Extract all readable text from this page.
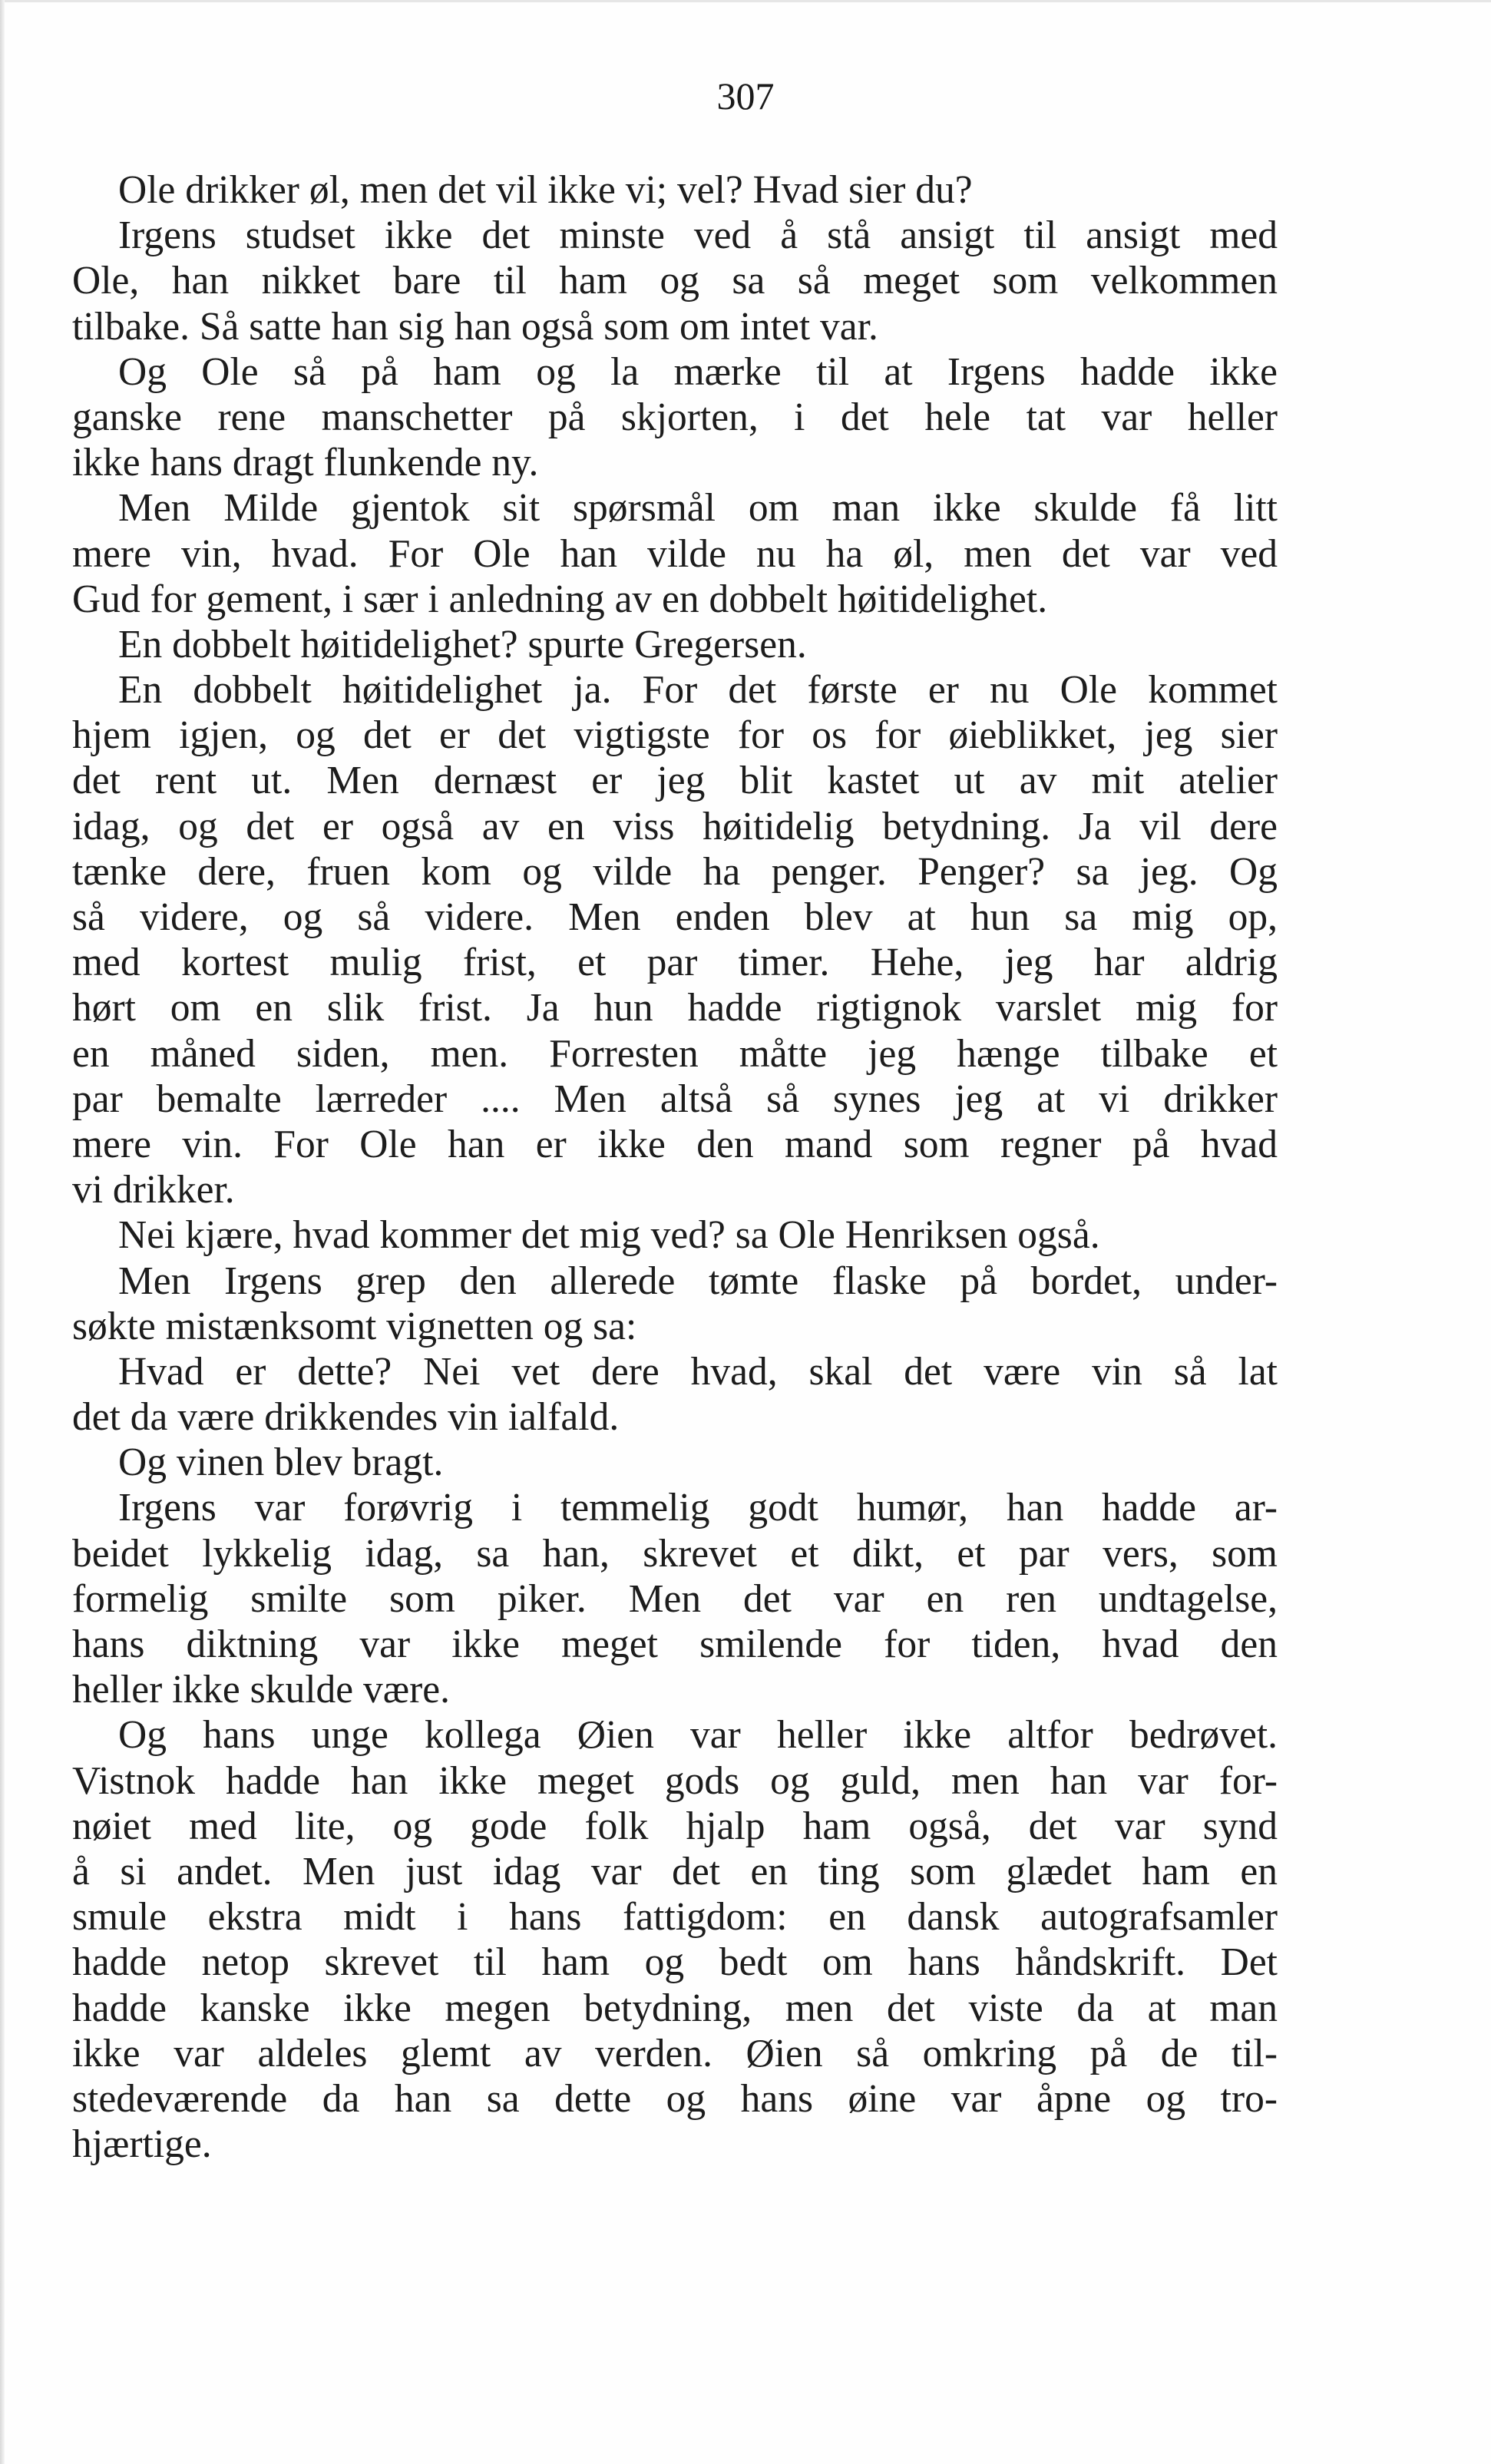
307
Ole drikker øl, men det vil ikke vi; vel? Hvad sier du?
Irgens studset ikke det minste ved å stå ansigt til ansigt med
Ole, han nikket bare til ham og sa så meget som velkommen
tilbake. Så satte han sig han også som om intet var.
Og Ole så på ham og la mærke til at Irgens hadde ikke
ganske rene manschetter på skjorten, i det hele tat var heller
ikke hans dragt flunkende ny.
Men Milde gjentok sit spørsmål om man ikke skulde få litt
mere vin, hvad. For Ole han vilde nu ha øl, men det var ved
Gud for gement, i sær i anledning av en dobbelt høitidelighet.
En dobbelt høitidelighet? spurte Gregersen.
En dobbelt høitidelighet ja. For det første er nu Ole kommet
hjem igjen, og det er det vigtigste for os for øieblikket, jeg sier
det rent ut. Men dernæst er jeg blit kastet ut av mit atelier
idag, og det er også av en viss høitidelig betydning. Ja vil dere
tænke dere, fruen kom og vilde ha penger. Penger? sa jeg. Og
så videre, og så videre. Men enden blev at hun sa mig op,
med kortest mulig frist, et par timer. Hehe, jeg har aldrig
hørt om en slik frist. Ja hun hadde rigtignok varslet mig for
en måned siden, men. Forresten måtte jeg hænge tilbake et
par bemalte lærreder .... Men altså så synes jeg at vi drikker
mere vin. For Ole han er ikke den mand som regner på hvad
vi drikker.
Nei kjære, hvad kommer det mig ved? sa Ole Henriksen også.
Men Irgens grep den allerede tømte flaske på bordet, under-
søkte mistænksomt vignetten og sa:
Hvad er dette? Nei vet dere hvad, skal det være vin så lat
det da være drikkendes vin ialfald.
Og vinen blev bragt.
Irgens var forøvrig i temmelig godt humør, han hadde ar-
beidet lykkelig idag, sa han, skrevet et dikt, et par vers, som
formelig smilte som piker. Men det var en ren undtagelse,
hans diktning var ikke meget smilende for tiden, hvad den
heller ikke skulde være.
Og hans unge kollega Øien var heller ikke altfor bedrøvet.
Vistnok hadde han ikke meget gods og guld, men han var for-
nøiet med lite, og gode folk hjalp ham også, det var synd
å si andet. Men just idag var det en ting som glædet ham en
smule ekstra midt i hans fattigdom: en dansk autografsamler
hadde netop skrevet til ham og bedt om hans håndskrift. Det
hadde kanske ikke megen betydning, men det viste da at man
ikke var aldeles glemt av verden. Øien så omkring på de til-
stedeværende da han sa dette og hans øine var åpne og tro-
hjærtige.
